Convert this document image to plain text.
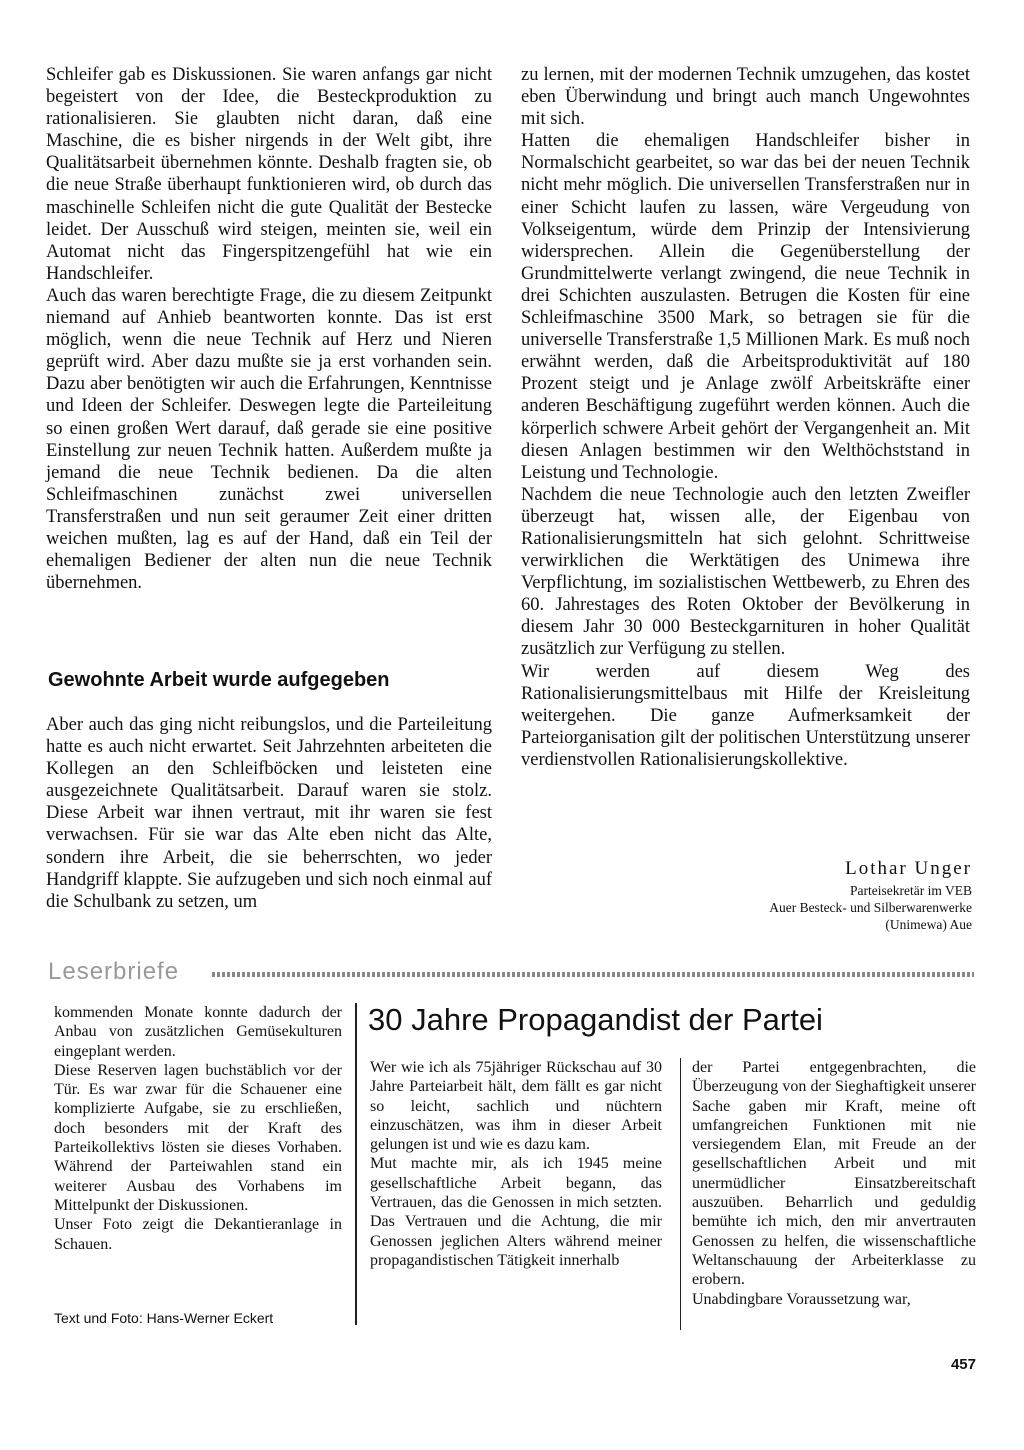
Schleifer gab es Diskussionen. Sie waren anfangs gar nicht begeistert von der Idee, die Besteckproduktion zu rationalisieren. Sie glaubten nicht daran, daß eine Maschine, die es bisher nirgends in der Welt gibt, ihre Qualitätsarbeit übernehmen könnte. Deshalb fragten sie, ob die neue Straße überhaupt funktionieren wird, ob durch das maschinelle Schleifen nicht die gute Qualität der Bestecke leidet. Der Ausschuß wird steigen, meinten sie, weil ein Automat nicht das Fingerspitzengefühl hat wie ein Handschleifer.

Auch das waren berechtigte Frage, die zu diesem Zeitpunkt niemand auf Anhieb beantworten konnte. Das ist erst möglich, wenn die neue Technik auf Herz und Nieren geprüft wird. Aber dazu mußte sie ja erst vorhanden sein. Dazu aber benötigten wir auch die Erfahrungen, Kenntnisse und Ideen der Schleifer. Deswegen legte die Parteileitung so einen großen Wert darauf, daß gerade sie eine positive Einstellung zur neuen Technik hatten. Außerdem mußte ja jemand die neue Technik bedienen. Da die alten Schleifmaschinen zunächst zwei universellen Transferstraßen und nun seit geraumer Zeit einer dritten weichen mußten, lag es auf der Hand, daß ein Teil der ehemaligen Bediener der alten nun die neue Technik übernehmen.

Gewohnte Arbeit wurde aufgegeben

Aber auch das ging nicht reibungslos, und die Parteileitung hatte es auch nicht erwartet. Seit Jahrzehnten arbeiteten die Kollegen an den Schleifböcken und leisteten eine ausgezeichnete Qualitätsarbeit. Darauf waren sie stolz. Diese Arbeit war ihnen vertraut, mit ihr waren sie fest verwachsen. Für sie war das Alte eben nicht das Alte, sondern ihre Arbeit, die sie beherrschten, wo jeder Handgriff klappte. Sie aufzugeben und sich noch einmal auf die Schulbank zu setzen, um

zu lernen, mit der modernen Technik umzugehen, das kostet eben Überwindung und bringt auch manch Ungewohntes mit sich.

Hatten die ehemaligen Handschleifer bisher in Normalschicht gearbeitet, so war das bei der neuen Technik nicht mehr möglich. Die universellen Transferstraßen nur in einer Schicht laufen zu lassen, wäre Vergeudung von Volkseigentum, würde dem Prinzip der Intensivierung widersprechen. Allein die Gegenüberstellung der Grundmittelwerte verlangt zwingend, die neue Technik in drei Schichten auszulasten. Betrugen die Kosten für eine Schleifmaschine 3500 Mark, so betragen sie für die universelle Transferstraße 1,5 Millionen Mark. Es muß noch erwähnt werden, daß die Arbeitsproduktivität auf 180 Prozent steigt und je Anlage zwölf Arbeitskräfte einer anderen Beschäftigung zugeführt werden können. Auch die körperlich schwere Arbeit gehört der Vergangenheit an. Mit diesen Anlagen bestimmen wir den Welthöchststand in Leistung und Technologie.

Nachdem die neue Technologie auch den letzten Zweifler überzeugt hat, wissen alle, der Eigenbau von Rationalisierungsmitteln hat sich gelohnt. Schrittweise verwirklichen die Werktätigen des Unimewa ihre Verpflichtung, im sozialistischen Wettbewerb, zu Ehren des 60. Jahrestages des Roten Oktober der Bevölkerung in diesem Jahr 30 000 Besteckgarnituren in hoher Qualität zusätzlich zur Verfügung zu stellen.

Wir werden auf diesem Weg des Rationalisierungsmittelbaus mit Hilfe der Kreisleitung weitergehen. Die ganze Aufmerksamkeit der Parteiorganisation gilt der politischen Unterstützung unserer verdienstvollen Rationalisierungskollektive.

Lothar Unger
Parteisekretär im VEB
Auer Besteck- und Silberwarenwerke
(Unimewa) Aue
Leserbriefe

kommenden Monate konnte dadurch der Anbau von zusätzlichen Gemüsekulturen eingeplant werden.

Diese Reserven lagen buchstäblich vor der Tür. Es war zwar für die Schauener eine komplizierte Aufgabe, sie zu erschließen, doch besonders mit der Kraft des Parteikollektivs lösten sie dieses Vorhaben. Während der Parteiwahlen stand ein weiterer Ausbau des Vorhabens im Mittelpunkt der Diskussionen.

Unser Foto zeigt die Dekantieranlage in Schauen.

Text und Foto: Hans-Werner Eckert
30 Jahre Propagandist der Partei

Wer wie ich als 75jähriger Rückschau auf 30 Jahre Parteiarbeit hält, dem fällt es gar nicht so leicht, sachlich und nüchtern einzuschätzen, was ihm in dieser Arbeit gelungen ist und wie es dazu kam.

Mut machte mir, als ich 1945 meine gesellschaftliche Arbeit begann, das Vertrauen, das die Genossen in mich setzten. Das Vertrauen und die Achtung, die mir Genossen jeglichen Alters während meiner propagandistischen Tätigkeit innerhalb

der Partei entgegenbrachten, die Überzeugung von der Sieghaftigkeit unserer Sache gaben mir Kraft, meine oft umfangreichen Funktionen mit nie versiegendem Elan, mit Freude an der gesellschaftlichen Arbeit und mit unermüdlicher Einsatzbereitschaft auszuüben. Beharrlich und geduldig bemühte ich mich, den mir anvertrauten Genossen zu helfen, die wissenschaftliche Weltanschauung der Arbeiterklasse zu erobern.

Unabdingbare Voraussetzung war,

457
